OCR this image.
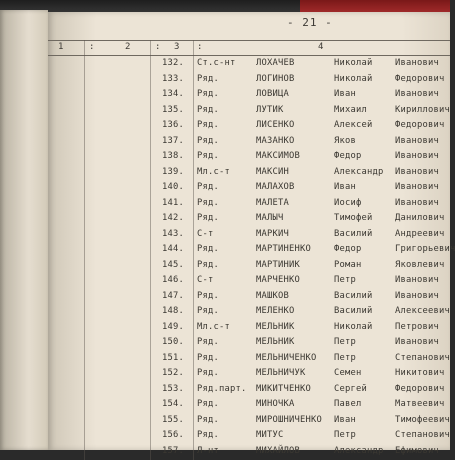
- 21 -
1	:	2	: 3 :	4
132. Ст.с-нт ЛОХАЧЕВ	Николай	Иванович
133. Ряд.	ЛОГИНОВ	Николай	Федорович
134. Ряд.	ЛОВИЦА	Иван	Иванович
135. Ряд.	ЛУТИК	Михаил	Кириллович
136. Ряд.	ЛИСЕНКО	Алексей	Федорович
137. Ряд.	МАЗАНКО	Яков	Иванович
138. Ряд.	МАКСИМОВ	Федор	Иванович
139. Мл.с-т	МАКСИН	Александр Иванович
140. Ряд.	МАЛАХОВ	Иван	Иванович
141. Ряд.	МАЛЕТА	Иосиф	Иванович
142. Ряд.	МАЛЫЧ	Тимофей	Данилович
143. С-т	МАРКИЧ	Василий	Андреевич
144. Ряд.	МАРТИНЕНКО	Федор	Григорьевич
145. Ряд.	МАРТИНИК	Роман	Яковлевич
146. С-т	МАРЧЕНКО	Петр	Иванович
147. Ряд.	МАШКОВ	Василий	Иванович
148. Ряд.	МЕЛЕНКО	Василий	Алексеевич
149. Мл.с-т	МЕЛЬНИК	Николай	Петрович
150. Ряд.	МЕЛЬНИК	Петр	Иванович
151. Ряд.	МЕЛЬНИЧЕНКО Петр	Степанович
152. Ряд.	МЕЛЬНИЧУК	Семен	Никитович
153. Ряд.парт. МИКИТЧЕНКО	Сергей	Федорович
154. Ряд.	МИНОЧКА	Павел	Матвеевич
155. Ряд.	МИРОШНИЧЕНКО Иван	Тимофеевич
156. Ряд.	МИТУС	Петр	Степанович
157. Л-нт	МИХАЙЛОВ	Александр Ефимович
